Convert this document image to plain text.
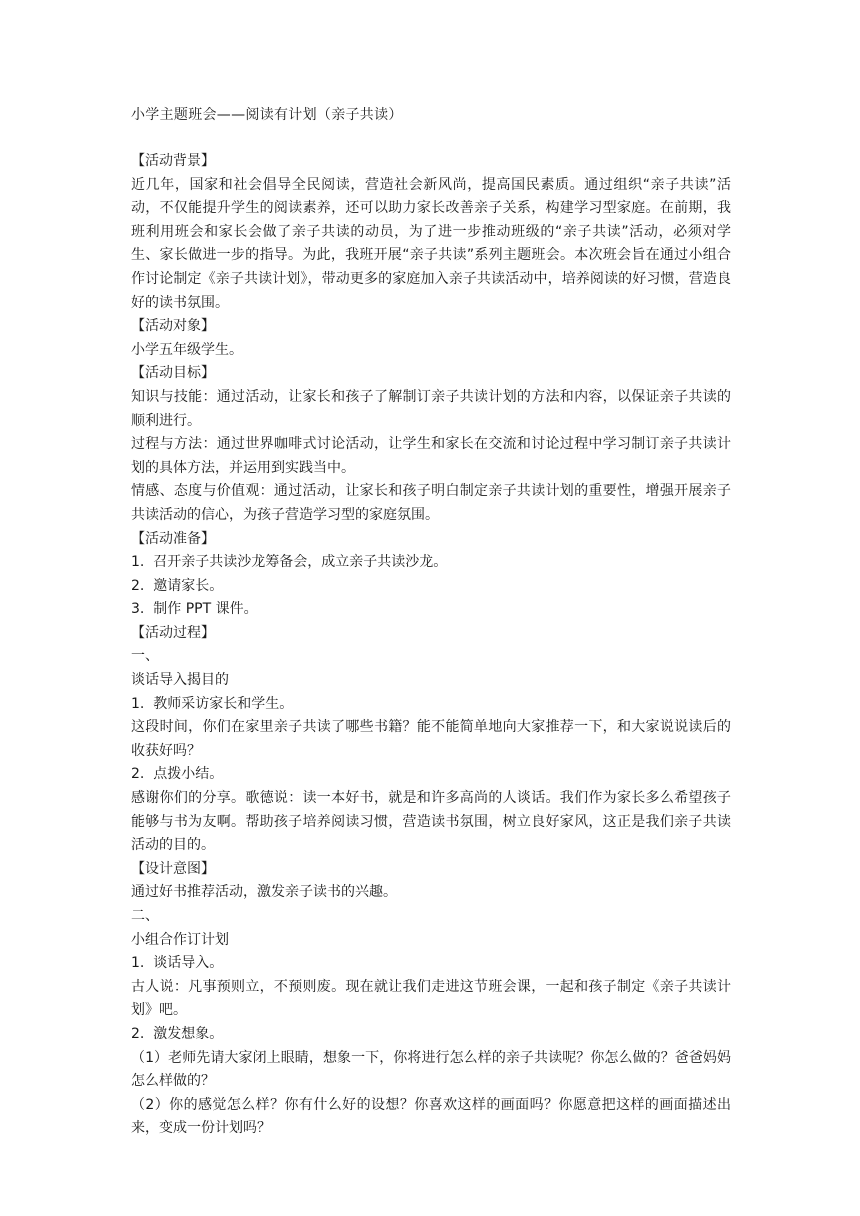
小学主题班会——阅读有计划（亲子共读）

【活动背景】

近几年，国家和社会倡导全民阅读，营造社会新风尚，提高国民素质。通过组织“亲子共读”活动，不仅能提升学生的阅读素养，还可以助力家长改善亲子关系，构建学习型家庭。在前期，我班利用班会和家长会做了亲子共读的动员，为了进一步推动班级的“亲子共读”活动，必须对学生、家长做进一步的指导。为此，我班开展“亲子共读”系列主题班会。本次班会旨在通过小组合作讨论制定《亲子共读计划》，带动更多的家庭加入亲子共读活动中，培养阅读的好习惯，营造良好的读书氛围。

【活动对象】

小学五年级学生。

【活动目标】

知识与技能：通过活动，让家长和孩子了解制订亲子共读计划的方法和内容，以保证亲子共读的顺利进行。

过程与方法：通过世界咖啡式讨论活动，让学生和家长在交流和讨论过程中学习制订亲子共读计划的具体方法，并运用到实践当中。

情感、态度与价值观：通过活动，让家长和孩子明白制定亲子共读计划的重要性，增强开展亲子共读活动的信心，为孩子营造学习型的家庭氛围。

【活动准备】

1.  召开亲子共读沙龙筹备会，成立亲子共读沙龙。

2.  邀请家长。

3.  制作 PPT 课件。

【活动过程】

一、

谈话导入揭目的

1.  教师采访家长和学生。

这段时间，你们在家里亲子共读了哪些书籍？能不能简单地向大家推荐一下，和大家说说读后的收获好吗？

2.  点拨小结。

感谢你们的分享。歌德说：读一本好书，就是和许多高尚的人谈话。我们作为家长多么希望孩子能够与书为友啊。帮助孩子培养阅读习惯，营造读书氛围，树立良好家风，这正是我们亲子共读活动的目的。

【设计意图】

通过好书推荐活动，激发亲子读书的兴趣。

二、

小组合作订计划

1.  谈话导入。

古人说：凡事预则立，不预则废。现在就让我们走进这节班会课，一起和孩子制定《亲子共读计划》吧。

2.  激发想象。

（1）老师先请大家闭上眼睛，想象一下，你将进行怎么样的亲子共读呢？你怎么做的？爸爸妈妈怎么样做的？

（2）你的感觉怎么样？你有什么好的设想？你喜欢这样的画面吗？你愿意把这样的画面描述出来，变成一份计划吗？
